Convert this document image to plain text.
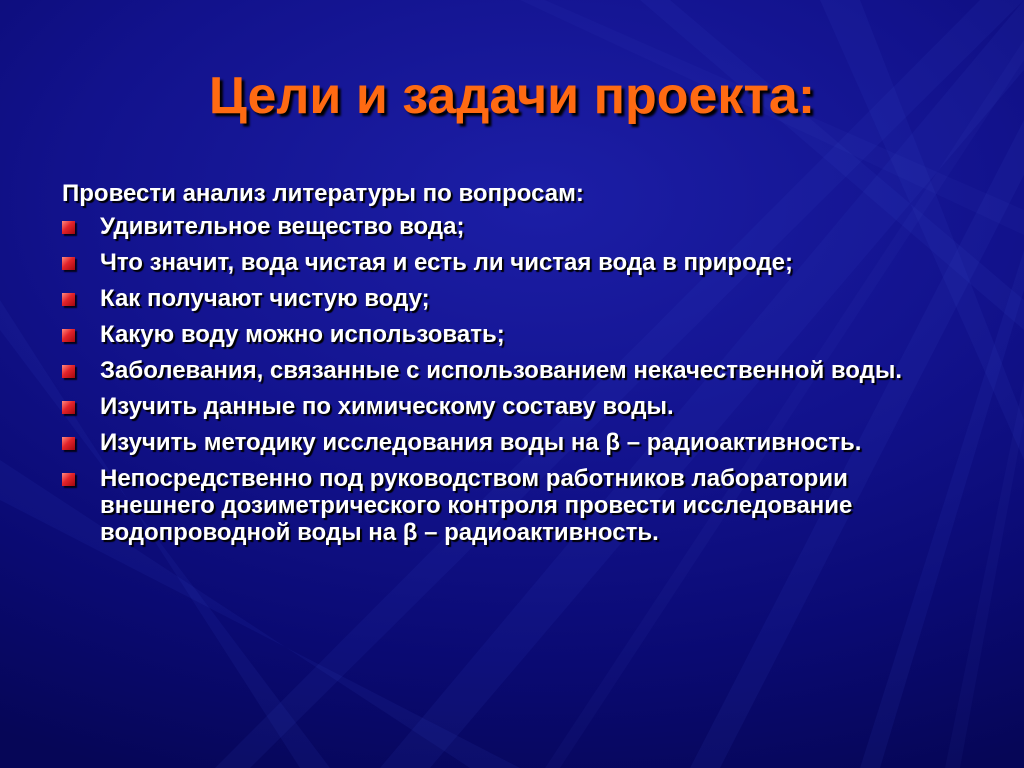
Цели и задачи проекта:

Провести анализ литературы по вопросам:

Удивительное вещество вода;
Что значит, вода чистая и есть ли чистая вода в природе;
Как получают чистую воду;
Какую воду можно использовать;
Заболевания, связанные с использованием некачественной воды.
Изучить данные по химическому составу воды.
Изучить методику исследования воды на β – радиоактивность.
Непосредственно под руководством работников лаборатории внешнего дозиметрического контроля провести исследование водопроводной воды на β – радиоактивность.
